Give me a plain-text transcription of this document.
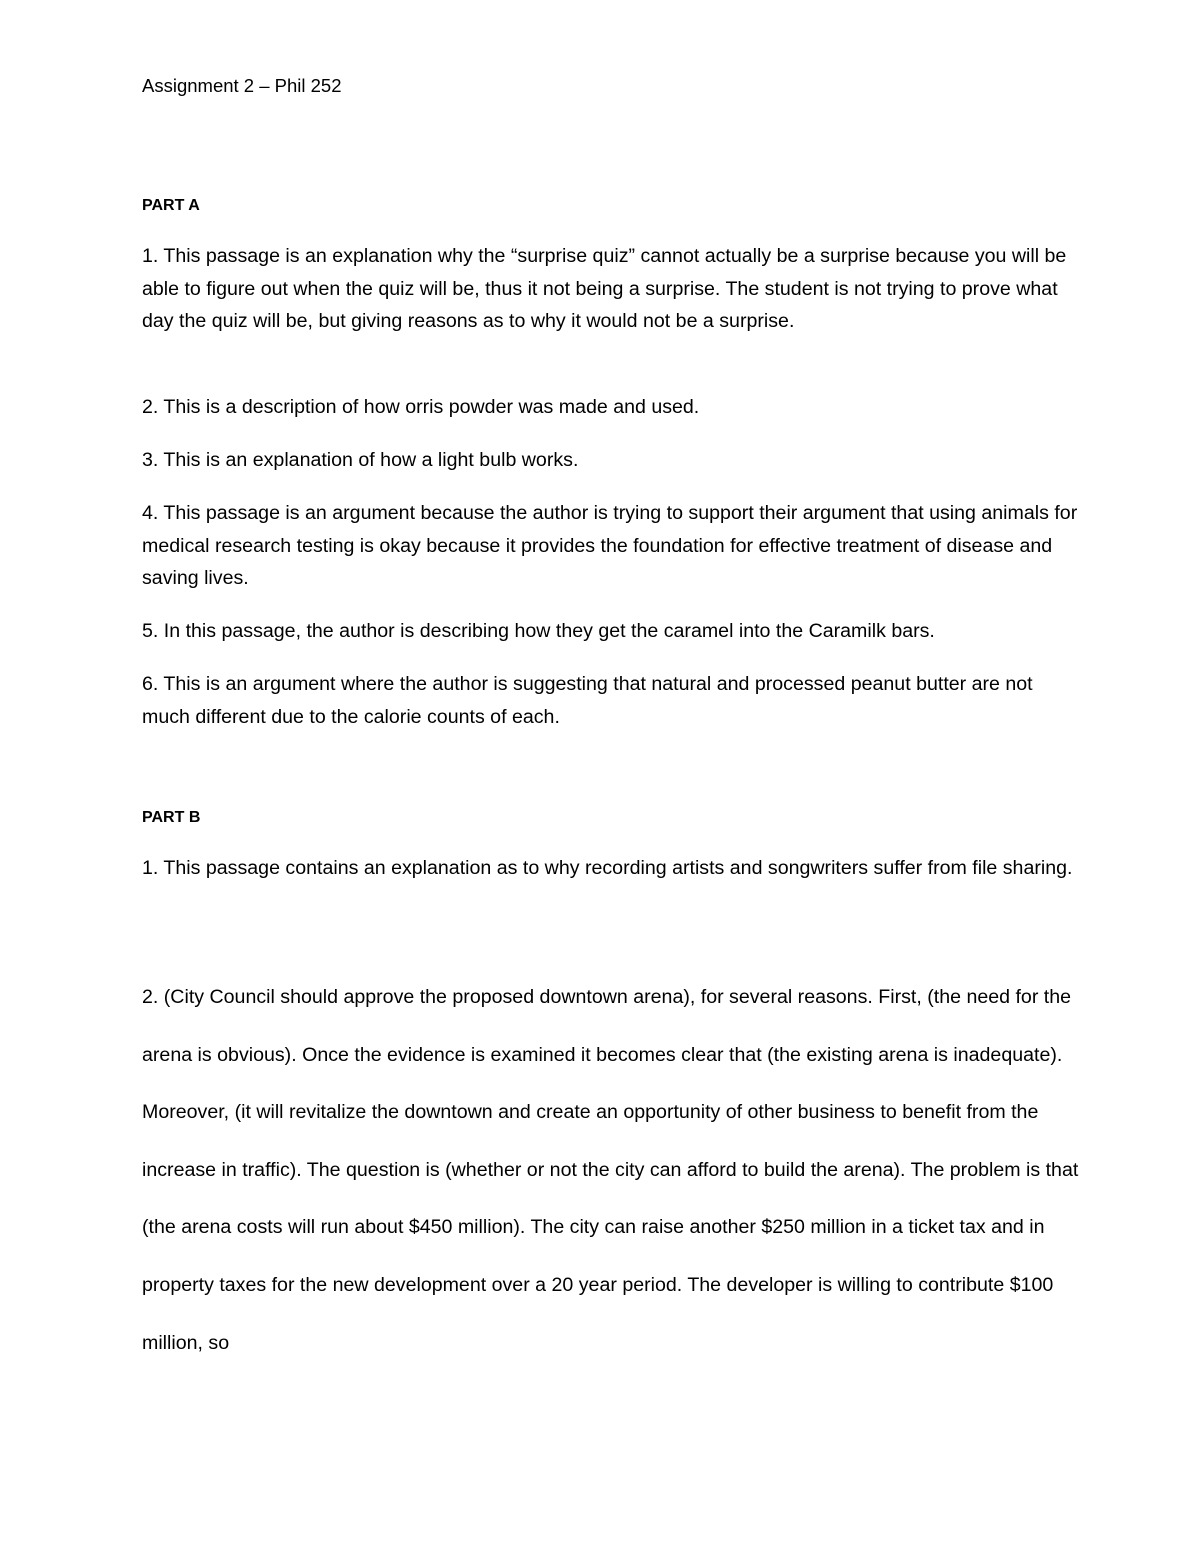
Assignment 2 – Phil 252
PART A
1. This passage is an explanation why the “surprise quiz” cannot actually be a surprise because you will be able to figure out when the quiz will be, thus it not being a surprise. The student is not trying to prove what day the quiz will be, but giving reasons as to why it would not be a surprise.
2. This is a description of how orris powder was made and used.
3. This is an explanation of how a light bulb works.
4. This passage is an argument because the author is trying to support their argument that using animals for medical research testing is okay because it provides the foundation for effective treatment of disease and saving lives.
5. In this passage, the author is describing how they get the caramel into the Caramilk bars.
6. This is an argument where the author is suggesting that natural and processed peanut butter are not much different due to the calorie counts of each.
PART B
1. This passage contains an explanation as to why recording artists and songwriters suffer from file sharing.
2. (City Council should approve the proposed downtown arena), for several reasons. First, (the need for the arena is obvious). Once the evidence is examined it becomes clear that (the existing arena is inadequate). Moreover, (it will revitalize the downtown and create an opportunity of other business to benefit from the increase in traffic). The question is (whether or not the city can afford to build the arena). The problem is that (the arena costs will run about $450 million). The city can raise another $250 million in a ticket tax and in property taxes for the new development over a 20 year period. The developer is willing to contribute $100 million, so
